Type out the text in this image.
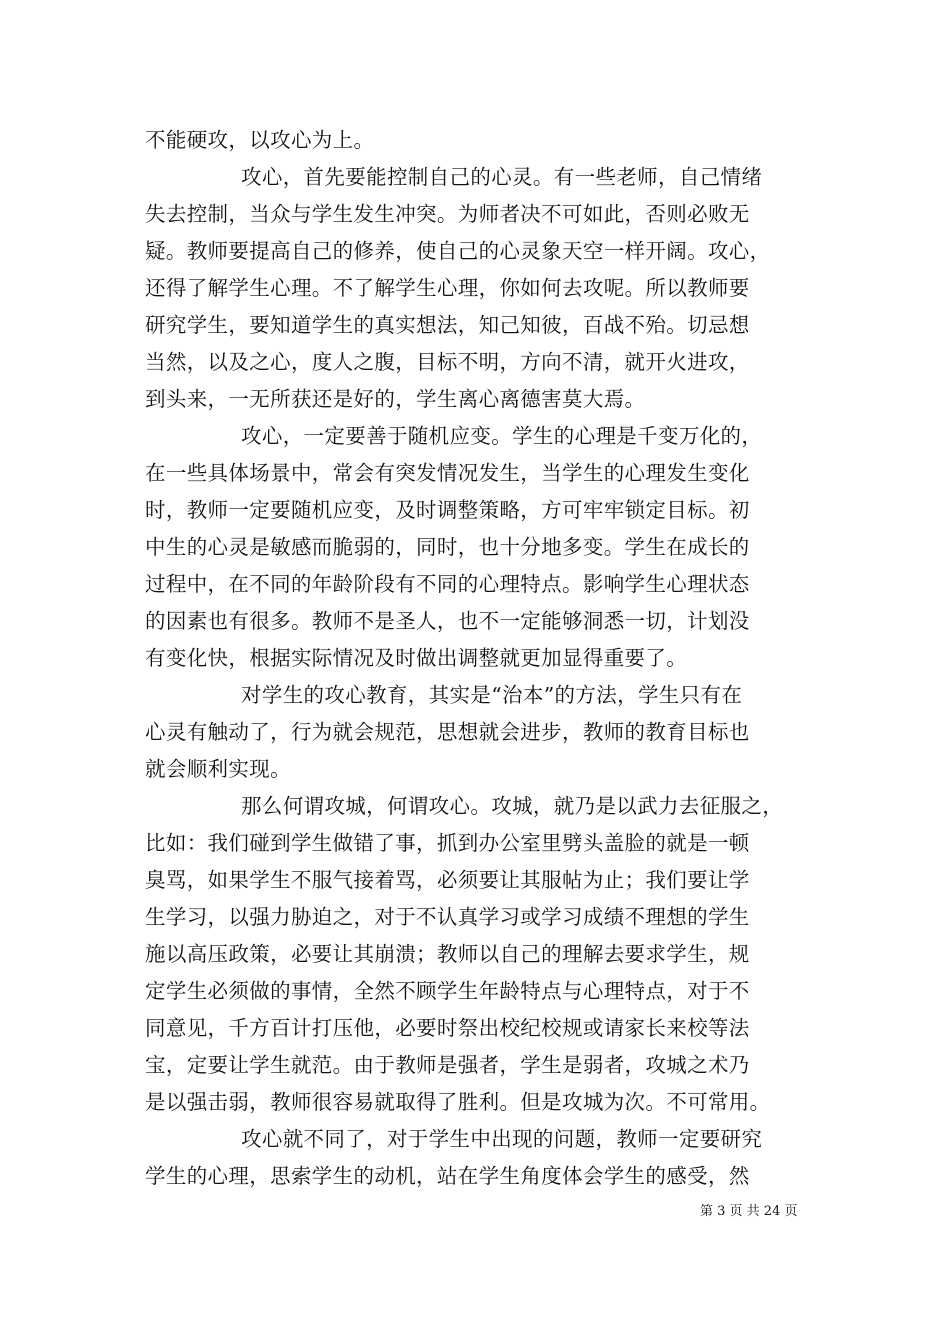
不能硬攻，以攻心为上。
攻心，首先要能控制自己的心灵。有一些老师，自己情绪
失去控制，当众与学生发生冲突。为师者决不可如此，否则必败无
疑。教师要提高自己的修养，使自己的心灵象天空一样开阔。攻心，
还得了解学生心理。不了解学生心理，你如何去攻呢。所以教师要
研究学生，要知道学生的真实想法，知己知彼，百战不殆。切忌想
当然，以及之心，度人之腹，目标不明，方向不清，就开火进攻，
到头来，一无所获还是好的，学生离心离德害莫大焉。
攻心，一定要善于随机应变。学生的心理是千变万化的，
在一些具体场景中，常会有突发情况发生，当学生的心理发生变化
时，教师一定要随机应变，及时调整策略，方可牢牢锁定目标。初
中生的心灵是敏感而脆弱的，同时，也十分地多变。学生在成长的
过程中，在不同的年龄阶段有不同的心理特点。影响学生心理状态
的因素也有很多。教师不是圣人，也不一定能够洞悉一切，计划没
有变化快，根据实际情况及时做出调整就更加显得重要了。
对学生的攻心教育，其实是“治本”的方法，学生只有在
心灵有触动了，行为就会规范，思想就会进步，教师的教育目标也
就会顺利实现。
那么何谓攻城，何谓攻心。攻城，就乃是以武力去征服之，
比如：我们碰到学生做错了事，抓到办公室里劈头盖脸的就是一顿
臭骂，如果学生不服气接着骂，必须要让其服帖为止；我们要让学
生学习，以强力胁迫之，对于不认真学习或学习成绩不理想的学生
施以高压政策，必要让其崩溃；教师以自己的理解去要求学生，规
定学生必须做的事情，全然不顾学生年龄特点与心理特点，对于不
同意见，千方百计打压他，必要时祭出校纪校规或请家长来校等法
宝，定要让学生就范。由于教师是强者，学生是弱者，攻城之术乃
是以强击弱，教师很容易就取得了胜利。但是攻城为次。不可常用。
攻心就不同了，对于学生中出现的问题，教师一定要研究
学生的心理，思索学生的动机，站在学生角度体会学生的感受，然
第 3 页 共 24 页
